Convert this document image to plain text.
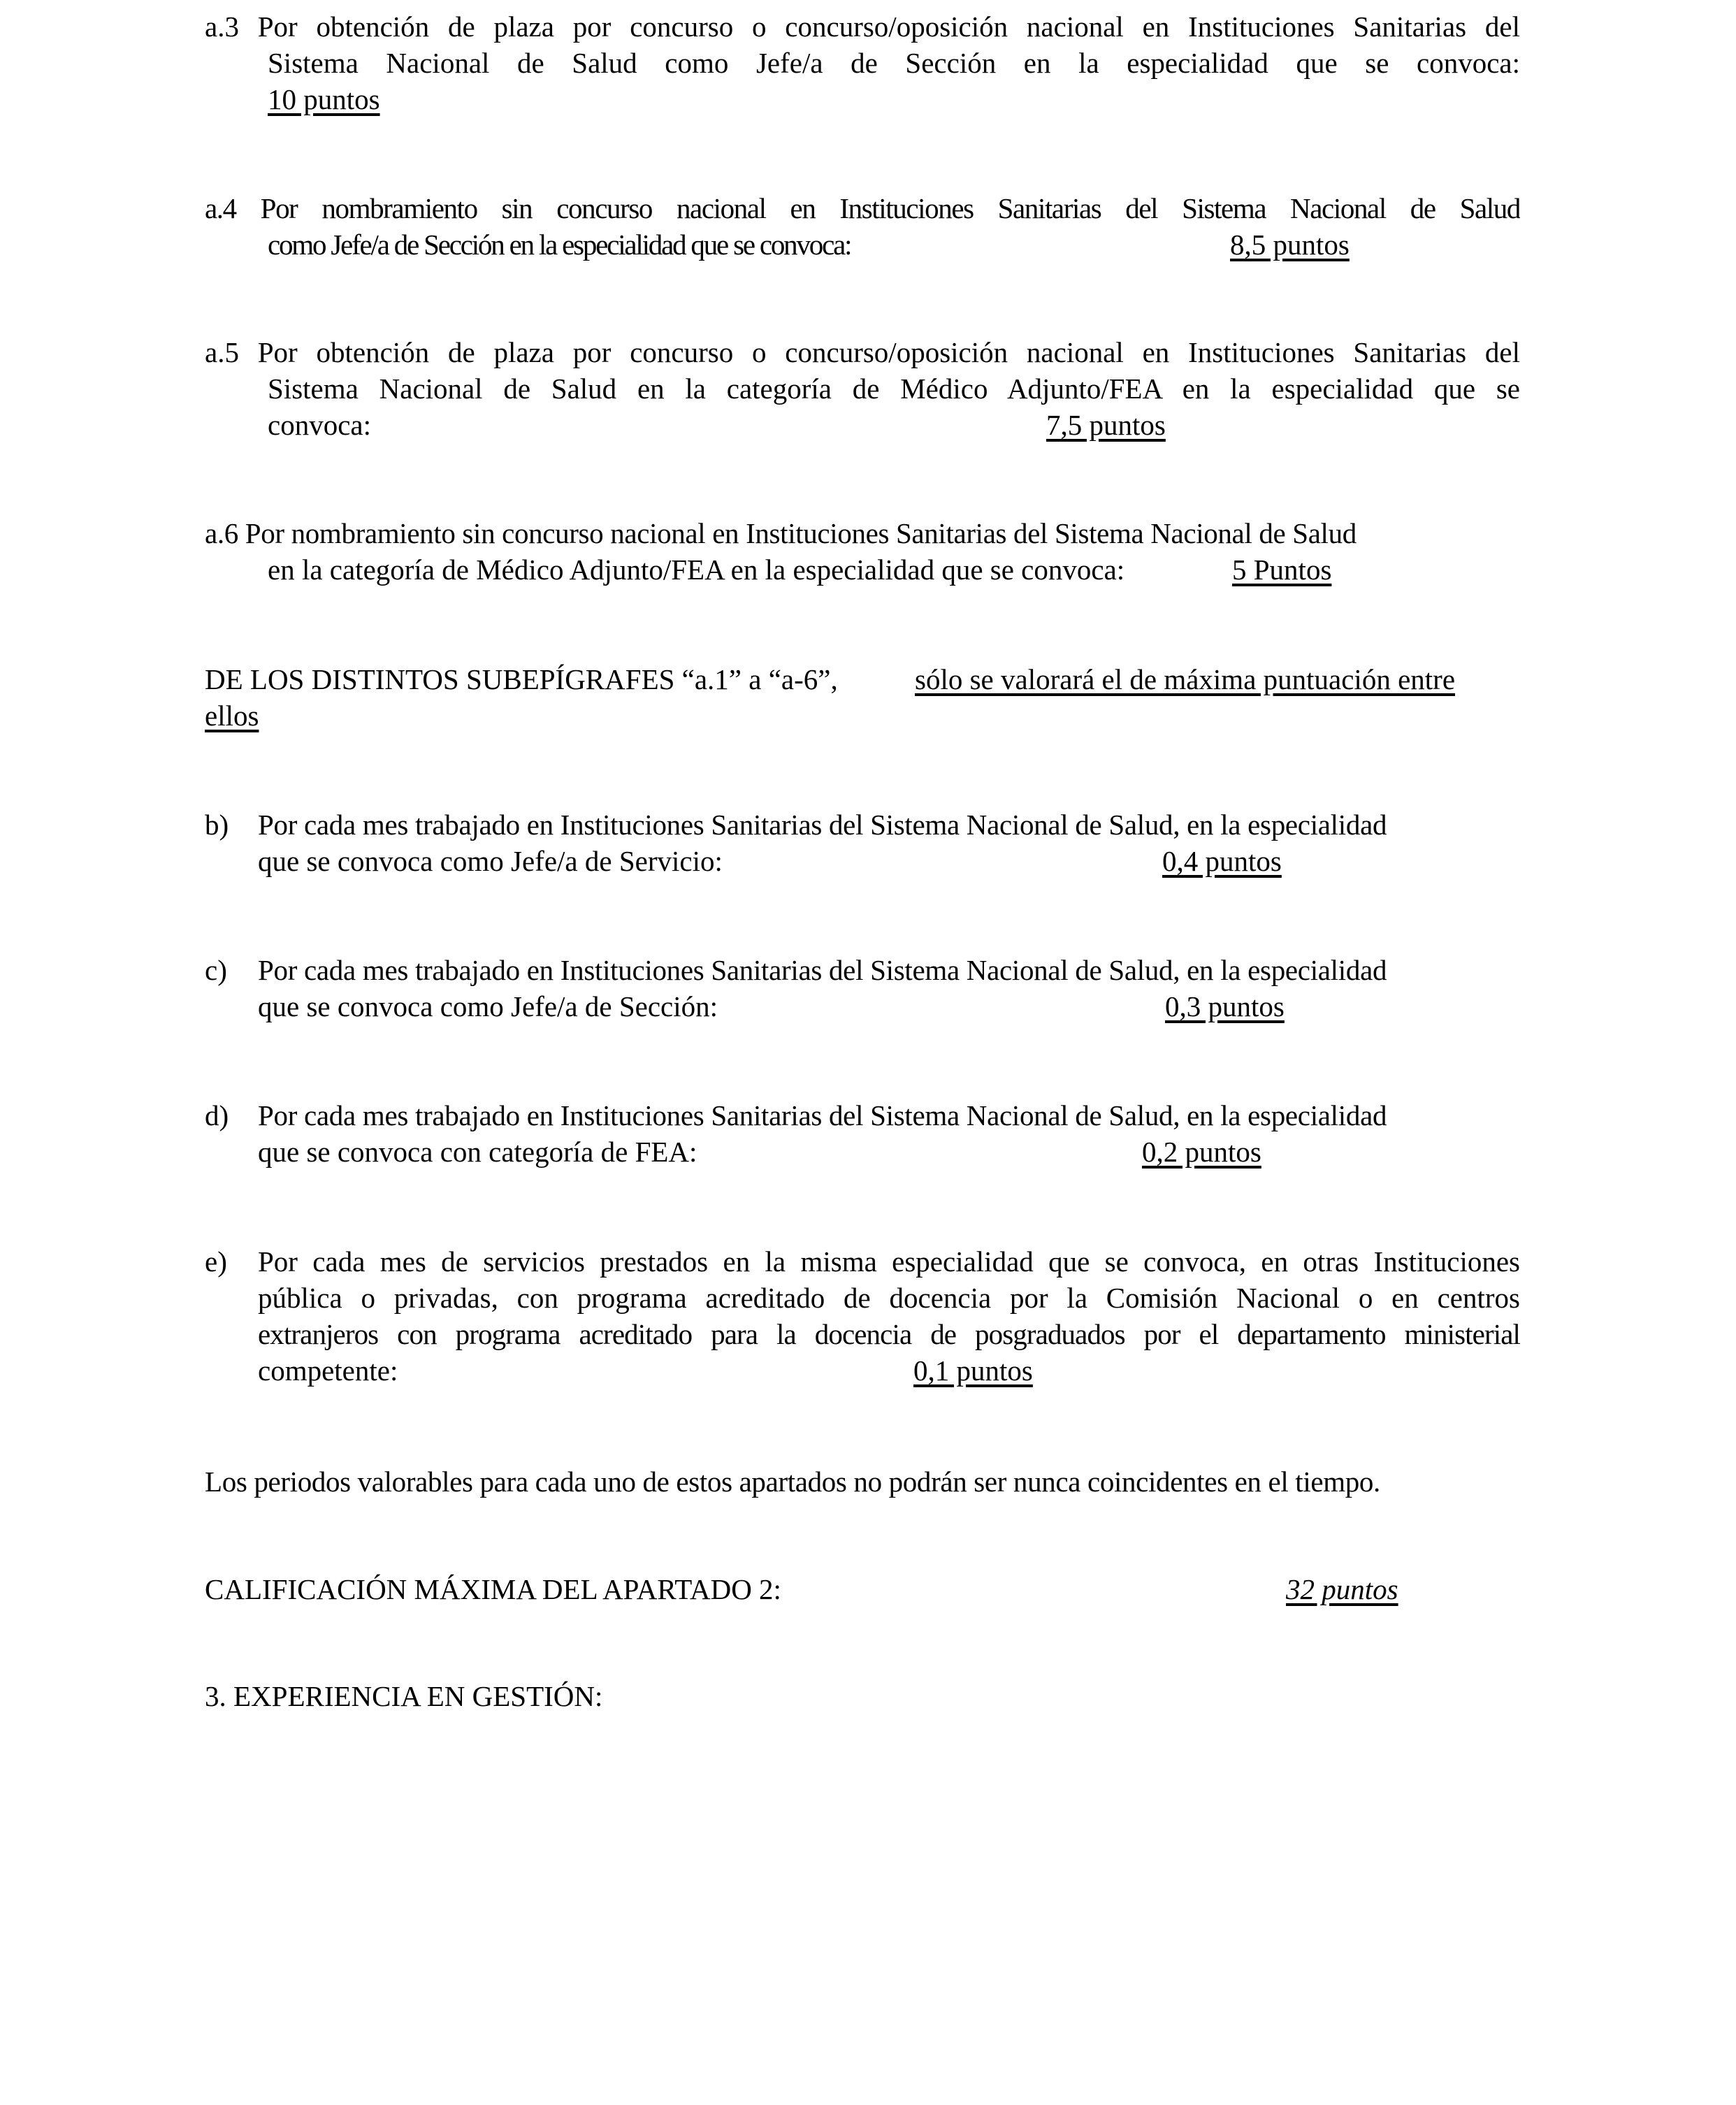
a.3 Por obtención de plaza por concurso o concurso/oposición nacional en Instituciones Sanitarias del
Sistema Nacional de Salud como Jefe/a de Sección en la especialidad que se convoca:
10 puntos
a.4 Por nombramiento sin concurso nacional en Instituciones Sanitarias del Sistema Nacional de Salud
como Jefe/a de Sección en la especialidad que se convoca:	8,5 puntos
a.5 Por obtención de plaza por concurso o concurso/oposición nacional en Instituciones Sanitarias del
Sistema Nacional de Salud en la categoría de Médico Adjunto/FEA en la especialidad que se
convoca:	7,5 puntos
a.6 Por nombramiento sin concurso nacional en Instituciones Sanitarias del Sistema Nacional de Salud
en la categoría de Médico Adjunto/FEA en la especialidad que se convoca:	5 Puntos
DE LOS DISTINTOS SUBEPÍGRAFES “a.1” a “a-6”,	sólo se valorará el de máxima puntuación entre
ellos
b) Por cada mes trabajado en Instituciones Sanitarias del Sistema Nacional de Salud, en la especialidad
que se convoca como Jefe/a de Servicio:	0,4 puntos
c) Por cada mes trabajado en Instituciones Sanitarias del Sistema Nacional de Salud, en la especialidad
que se convoca como Jefe/a de Sección:	0,3 puntos
d) Por cada mes trabajado en Instituciones Sanitarias del Sistema Nacional de Salud, en la especialidad
que se convoca con categoría de FEA:	0,2 puntos
e) Por cada mes de servicios prestados en la misma especialidad que se convoca, en otras Instituciones
pública o privadas, con programa acreditado de docencia por la Comisión Nacional o en centros
extranjeros con programa acreditado para la docencia de posgraduados por el departamento ministerial
competente:	0,1 puntos
Los periodos valorables para cada uno de estos apartados no podrán ser nunca coincidentes en el tiempo.
CALIFICACIÓN MÁXIMA DEL APARTADO 2:	32 puntos
3. EXPERIENCIA EN GESTIÓN:
